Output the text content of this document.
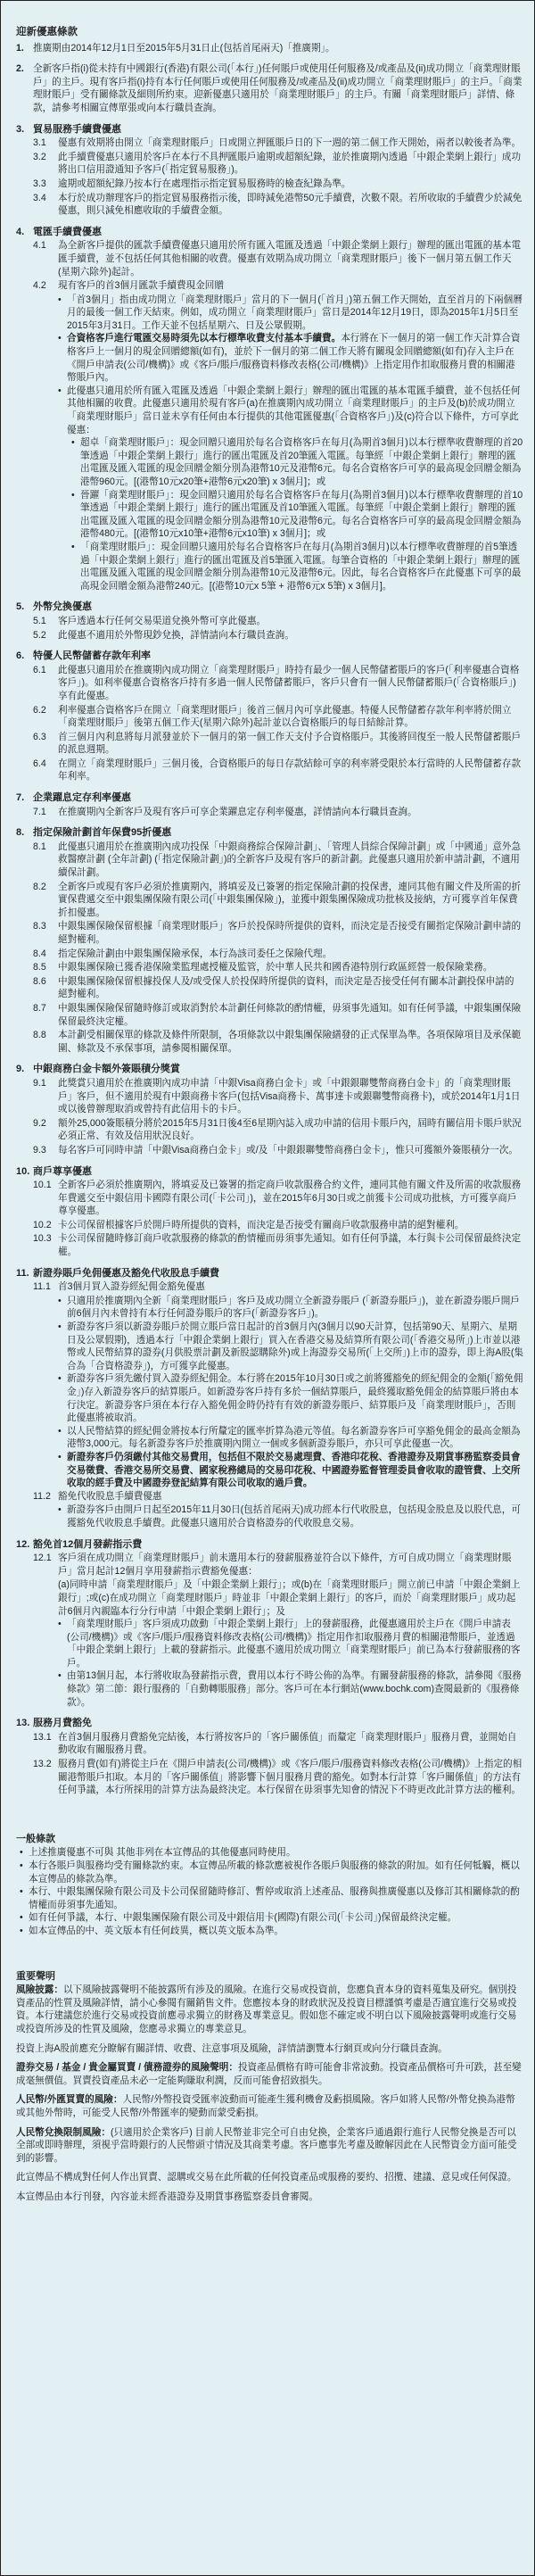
迎新優惠條款
1. 推廣期由2014年12月1日至2015年5月31日止(包括首尾兩天)「推廣期」。
2. 全新客戶指(i)從未持有中國銀行(香港)有限公司(「本行」)任何賬戶或使用任何服務及/或產品及(ii)成功開立「商業理財賬戶」的主戶。現有客戶指(i)持有本行任何賬戶或使用任何服務及/或產品及(ii)成功開立「商業理財賬戶」的主戶。「商業理財賬戶」受有關條款及細則所約束。迎新優惠只適用於「商業理財賬戶」的主戶。有關「商業理財賬戶」詳情、條款，請參考相關宣傳單張或向本行職員查詢。
3. 貿易服務手續費優惠
3.1	優惠有效期將由開立「商業理財賬戶」日或開立押匯賬戶日的下一週的第二個工作天開始，兩者以較後者為準。
3.2	此手續費優惠只適用於客戶在本行不具押匯賬戶逾期或超額紀錄，並於推廣期內透過「中銀企業網上銀行」成功將出口信用證通知予客戶(「指定貿易服務」)。
3.3	逾期或超額紀錄乃按本行在處理指示指定貿易服務時的檢查紀錄為準。
3.4	本行於成功辦理客戶的指定貿易服務指示後，即時減免港幣50元手續費，次數不限。若所收取的手續費少於減免優惠，則只減免相應收取的手續費金額。
4. 電匯手續費優惠
4.1	為全新客戶提供的匯款手續費優惠只適用於所有匯入電匯及透過「中銀企業網上銀行」辦理的匯出電匯的基本電匯手續費，並不包括任何其他相關的收費。優惠有效期為成功開立「商業理財賬戶」後下一個月第五個工作天(星期六除外)起計。
4.2	現有客戶的首3個月匯款手續費現金回贈
• 「首3個月」指由成功開立「商業理財賬戶」當月的下一個月(「首月」)第五個工作天開始，直至首月的下兩個曆月的最後一個工作天結束。例如，成功開立「商業理財賬戶」當日是2014年12月19日，即為2015年1月5日至2015年3月31日。工作天並不包括星期六、日及公眾假期。
• 合資格客戶進行電匯交易時須先以本行標準收費支付基本手續費。本行將在下一個月的第一個工作天計算合資格客戶上一個月的現金回贈總額(如有)，並於下一個月的第二個工作天將有關現金回贈總額(如有)存入主戶在《開戶申請表(公司/機構)》或《客戶/賬戶/服務資料修改表格(公司/機構)》上指定用作扣取服務月費的相關港幣賬戶內。
• 此優惠只適用於所有匯入電匯及透過「中銀企業網上銀行」辦理的匯出電匯的基本電匯手續費，並不包括任何其他相關的收費。此優惠只適用於現有客戶(a)在推廣期內成功開立「商業理財賬戶」的主戶及(b)於成功開立「商業理財賬戶」當日並未享有任何由本行提供的其他電匯優惠(「合資格客戶」)及(c)符合以下條件，方可享此優惠：
• 超卓「商業理財賬戶」：現金回贈只適用於每名合資格客戶在每月(為期首3個月)以本行標準收費辦理的首20筆透過「中銀企業網上銀行」進行的匯出電匯及首20筆匯入電匯。每筆經「中銀企業網上銀行」辦理的匯出電匯及匯入電匯的現金回贈金額分別為港幣10元及港幣6元。每名合資格客戶可享的最高現金回贈金額為港幣960元。[(港幣10元x20筆+港幣6元x20筆) x 3個月]；或
• 晉躍「商業理財賬戶」：現金回贈只適用於每名合資格客戶在每月(為期首3個月)以本行標準收費辦理的首10筆透過「中銀企業網上銀行」進行的匯出電匯及首10筆匯入電匯。每筆經「中銀企業網上銀行」辦理的匯出電匯及匯入電匯的現金回贈金額分別為港幣10元及港幣6元。每名合資格客戶可享的最高現金回贈金額為港幣480元。[(港幣10元x10筆+港幣6元x10筆) x 3個月]；或
• 「商業理財賬戶」：現金回贈只適用於每名合資格客戶在每月(為期首3個月)以本行標準收費辦理的首5筆透過「中銀企業網上銀行」進行的匯出電匯及首5筆匯入電匯。每筆合資格的「中銀企業網上銀行」辦理的匯出電匯及匯入電匯的現金回贈金額分別為港幣10元及港幣6元。因此，每名合資格客戶在此優惠下可享的最高現金回贈金額為港幣240元。[(港幣10元x 5筆 + 港幣6元x 5筆) x 3個月]。
5. 外幣兌換優惠
5.1	客戶透過本行任何交易渠道兌換外幣可享此優惠。
5.2	此優惠不適用於外幣現鈔兌換，詳情請向本行職員查詢。
6. 特優人民幣儲蓄存款年利率
6.1	此優惠只適用於在推廣期內成功開立「商業理財賬戶」時持有最少一個人民幣儲蓄賬戶的客戶(「利率優惠合資格客戶」)。如利率優惠合資格客戶持有多過一個人民幣儲蓄賬戶，客戶只會有一個人民幣儲蓄賬戶(「合資格賬戶」)享有此優惠。
6.2	利率優惠合資格客戶在開立「商業理財賬戶」後首三個月內可享此優惠。特優人民幣儲蓄存款年利率將於開立「商業理財賬戶」後第五個工作天(星期六除外)起計並以合資格賬戶的每日結餘計算。
6.3	首三個月內利息將每月派發並於下一個月的第一個工作天支付予合資格賬戶。其後將回復至一般人民幣儲蓄賬戶的派息週期。
6.4	在開立「商業理財賬戶」三個月後，合資格賬戶的每日存款結餘可享的利率將受限於本行當時的人民幣儲蓄存款年利率。
7. 企業躍息定存利率優惠
7.1	在推廣期內全新客戶及現有客戶可享企業躍息定存利率優惠，詳情請向本行職員查詢。
8. 指定保險計劃首年保費95折優惠
8.1	此優惠只適用於在推廣期內成功投保「中銀商務綜合保障計劃」、「管理人員綜合保障計劃」或「中國通」意外急救醫療計劃 (全年計劃) (「指定保險計劃」)的全新客戶及現有客戶的新計劃。此優惠只適用於新申請計劃，不適用續保計劃。
8.2	全新客戶或現有客戶必須於推廣期內，將填妥及已簽署的指定保險計劃的投保書，連同其他有關文件及所需的折實保費遞交至中銀集團保險有限公司(「中銀集團保險」)，並獲中銀集團保險成功批核及接納，方可獲享首年保費折扣優惠。
8.3	中銀集團保險保留根據「商業理財賬戶」客戶於投保時所提供的資料，而決定是否接受有關指定保險計劃申請的絕對權利。
8.4	指定保險計劃由中銀集團保險承保，本行為該司委任之保險代理。
8.5	中銀集團保險已獲香港保險業監理處授權及監管，於中華人民共和國香港特別行政區經營一般保險業務。
8.6	中銀集團保險保留根據投保人及/或受保人於投保時所提供的資料，而決定是否接受任何有關本計劃投保申請的絕對權利。
8.7	中銀集團保險保留隨時修訂或取消對於本計劃任何條款的酌情權，毋須事先通知。如有任何爭議，中銀集團保險保留最終決定權。
8.8	本計劃受相關保單的條款及條件所限制，各項條款以中銀集團保險繕發的正式保單為準。各項保障項目及承保範圍、條款及不承保事項，請參閱相關保單。
9. 中銀商務白金卡額外簽賬積分獎賞
9.1	此獎賞只適用於在推廣期內成功申請「中銀Visa商務白金卡」或「中銀銀聯雙幣商務白金卡」的「商業理財賬戶」客戶，但不適用於現有中銀商務卡客戶(包括Visa商務卡、萬事達卡或銀聯雙幣商務卡)，或於2014年1月1日或以後曾辦理取消或曾持有此信用卡的卡戶。
9.2	額外25,000簽賬積分將於2015年5月31日後4至6星期內誌入成功申請的信用卡賬戶內，屆時有關信用卡賬戶狀況必須正常、有效及信用狀況良好。
9.3	每名客戶可同時申請「中銀Visa商務白金卡」或/及「中銀銀聯雙幣商務白金卡」，惟只可獲額外簽賬積分一次。
10. 商戶尊享優惠
10.1 全新客戶必須於推廣期內，將填妥及已簽署的指定商戶收款服務合約文件，連同其他有關文件及所需的收款服務年費遞交至中銀信用卡國際有限公司(「卡公司」)，並在2015年6月30日或之前獲卡公司成功批核，方可獲享商戶尊享優惠。
10.2 卡公司保留根據客戶於開戶時所提供的資料，而決定是否接受有關商戶收款服務申請的絕對權利。
10.3 卡公司保留隨時修訂商戶收款服務的條款的酌情權而毋須事先通知。如有任何爭議，本行與卡公司保留最終決定權。
11. 新證券賬戶免佣優惠及豁免代收股息手續費
11.1 首3個月買入證券經紀佣金豁免優惠
• 只適用於推廣期內全新「商業理財賬戶」客戶及成功開立全新證券賬戶 (「新證券賬戶」)，並在新證券賬戶開戶前6個月內未曾持有本行任何證券賬戶的客戶(「新證券客戶」)。
• 新證券客戶須以新證券賬戶於開立賬戶當日起計的首3個月內(3個月以90天計算，包括第90天、星期六、星期日及公眾假期)，透過本行「中銀企業網上銀行」買入在香港交易及結算所有限公司(「香港交易所」)上市並以港幣或人民幣結算的證券(月供股票計劃及新股認購除外)或上海證券交易所(「上交所」)上市的證券，即上海A股(集合為「合資格證券」)，方可獲享此優惠。
• 新證券客戶須先繳付買入證券經紀佣金。本行將在2015年10月30日或之前將獲豁免的經紀佣金的金額(「豁免佣金」)存入新證券客戶的結算賬戶。如新證券客戶持有多於一個結算賬戶，最終獲取豁免佣金的結算賬戶將由本行決定。新證券客戶須在本行存入豁免佣金時仍持有有效的新證券賬戶、結算賬戶及「商業理財賬戶」，否則此優惠將被取消。
• 以人民幣結算的經紀佣金將按本行所釐定的匯率折算為港元等值。每名新證券客戶可享豁免佣金的最高金額為港幣3,000元。每名新證券客戶於推廣期內開立一個或多個新證券賬戶，亦只可享此優惠一次。
• 新證券客戶仍須繳付其他交易費用，包括但不限於交易處理費、香港印花稅、香港證券及期貨事務監察委員會交易徵費、香港交易所交易費、國家稅務總局的交易印花稅、中國證券監督管理委員會收取的證管費、上交所收取的經手費及中國證券登記結算有限公司收取的過戶費。
11.2 豁免代收股息手續費優惠
• 新證券客戶由開戶日起至2015年11月30日(包括首尾兩天)成功經本行代收股息，包括現金股息及以股代息，可獲豁免代收股息手續費。此優惠只適用於合資格證券的代收股息交易。
12. 豁免首12個月發薪指示費
12.1 客戶須在成功開立「商業理財賬戶」前未選用本行的發薪服務並符合以下條件，方可自成功開立「商業理財賬戶」當月起計12個月享用發薪指示費豁免優惠：
(a)同時申請「商業理財賬戶」及「中銀企業網上銀行」；或(b)在「商業理財賬戶」開立前已申請「中銀企業網上銀行」;或(c)在成功開立「商業理財賬戶」時並非「中銀企業網上銀行」的客戶，而於「商業理財賬戶」成功起計6個月內親臨本行分行申請「中銀企業網上銀行」；及
• 「商業理財賬戶」客戶須成功啟動「中銀企業網上銀行」上的發薪服務，此優惠適用於主戶在《開戶申請表(公司/機構)》或《客戶/賬戶/服務資料修改表格(公司/機構)》指定用作扣取服務月費的相關港幣賬戶，並透過「中銀企業網上銀行」上載的發薪指示。此優惠不適用於成功開立「商業理財賬戶」前已為本行發薪服務的客戶。
• 由第13個月起，本行將收取為發薪指示費，費用以本行不時公佈的為準。有關發薪服務的條款，請參閱《服務條款》第二節：銀行服務的「自動轉賬服務」部分。客戶可在本行網站(www.bochk.com)查閱最新的《服務條款》。
13. 服務月費豁免
13.1 在首3個月服務月費豁免完結後，本行將按客戶的「客戶關係值」而釐定「商業理財賬戶」服務月費，並開始自動收取有關服務月費。
13.2 服務月費(如有)將從主戶在《開戶申請表(公司/機構)》或《客戶/賬戶/服務資料修改表格(公司/機構)》上指定的相關港幣賬戶扣取。本月的「客戶關係值」將影響下個月服務月費的豁免。如對本行計算「客戶關係值」的方法有任何爭議，本行所採用的計算方法為最終決定。本行保留在毋須事先知會的情況下不時更改此計算方法的權利。
一般條款
• 上述推廣優惠不可與 其他非列在本宣傳品的其他優惠同時使用。
• 本行各賬戶與服務均受有關條款約束。本宣傳品所載的條款應被視作各賬戶與服務的條款的附加。如有任何牴觸，概以本宣傳品的條款為準。
• 本行、中銀集團保險有限公司及卡公司保留隨時修訂、暫停或取消上述產品、服務與推廣優惠以及修訂其相關條款的酌情權而毋須事先通知。
• 如有任何爭議，本行、中銀集團保險有限公司及中銀信用卡(國際)有限公司(「卡公司」)保留最終決定權。
• 如本宣傳品的中、英文版本有任何歧異，概以英文版本為準。
重要聲明
風險披露：以下風險披露聲明不能披露所有涉及的風險。在進行交易或投資前，您應負責本身的資料蒐集及研究。個別投資產品的性質及風險詳情，請小心參閱有關銷售文件。您應按本身的財政狀況及投資目標謹慎考慮是否適宜進行交易或投資。本行建議您於進行交易或投資前應尋求獨立的財務及專業意見。假如您不確定或不明白以下風險披露聲明或進行交易或投資所涉及的性質及風險，您應尋求獨立的專業意見。
投資上海A股前應充分瞭解有關詳情、收費、注意事項及風險，詳情請瀏覽本行網頁或向分行職員查詢。
證券交易 / 基金 / 貴金屬買賣 / 債務證券的風險聲明：投資產品價格有時可能會非常波動。投資產品價格可升可跌，甚至變成毫無價值。買賣投資產品未必一定能夠賺取利潤，反而可能會招致損失。
人民幣/外匯買賣的風險：人民幣/外幣投資受匯率波動而可能產生獲利機會及虧損風險。客戶如將人民幣/外幣兌換為港幣或其他外幣時，可能受人民幣/外幣匯率的變動而蒙受虧損。
人民幣兌換限制風險：(只適用於企業客戶) 目前人民幣並非完全可自由兌換，企業客戶通過銀行進行人民幣兌換是否可以全部或即時辦理，須視乎當時銀行的人民幣頭寸情況及其商業考慮。客戶應事先考慮及瞭解因此在人民幣資金方面可能受到的影響。
此宣傳品不構成對任何人作出買賣、認購或交易在此所載的任何投資產品或服務的要約、招攬、建議、意見或任何保證。
本宣傳品由本行刊發，內容並未經香港證券及期貨事務監察委員會審閱。
